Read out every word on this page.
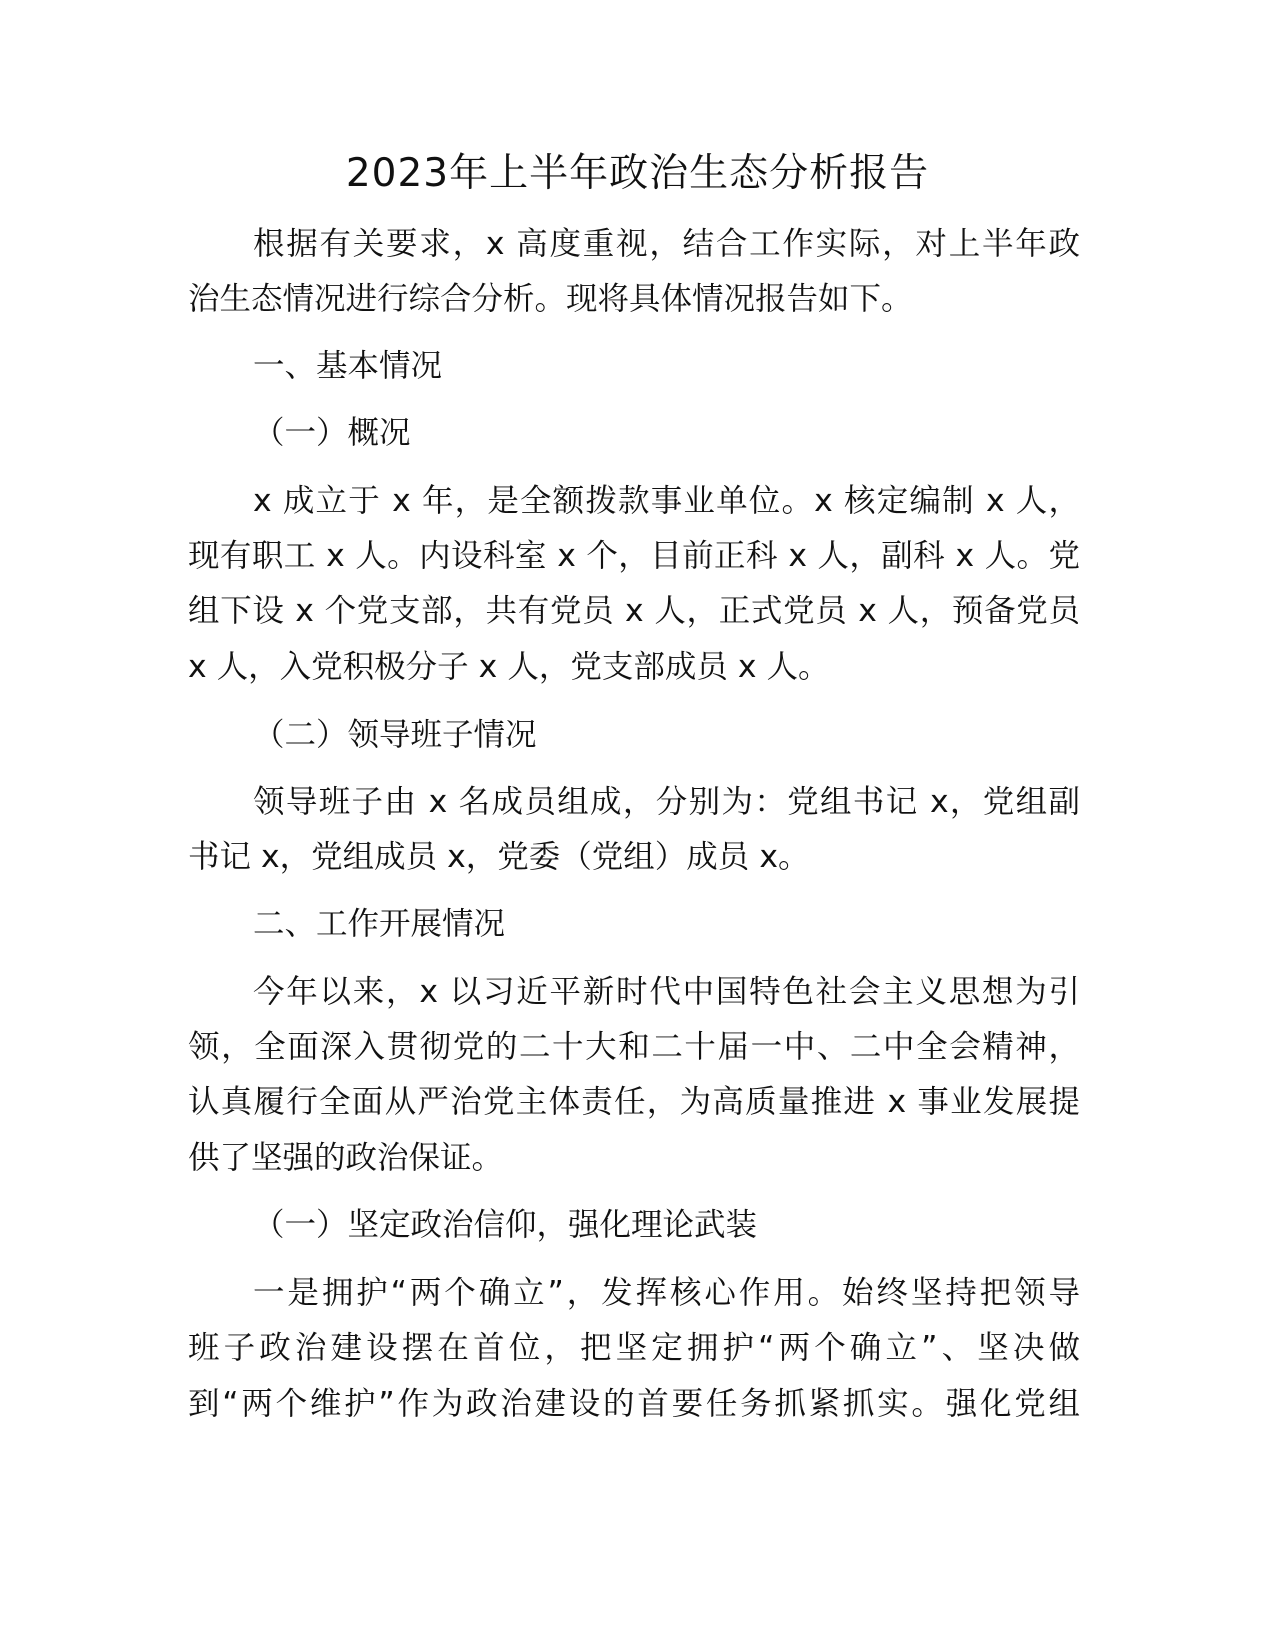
2023年上半年政治生态分析报告

根据有关要求，x 高度重视，结合工作实际，对上半年政

治生态情况进行综合分析。现将具体情况报告如下。

一、基本情况

（一）概况

x 成立于 x 年，是全额拨款事业单位。x 核定编制 x 人，

现有职工 x 人。内设科室 x 个，目前正科 x 人，副科 x 人。党

组下设 x 个党支部，共有党员 x 人，正式党员 x 人，预备党员

x 人，入党积极分子 x 人，党支部成员 x 人。

（二）领导班子情况

领导班子由 x 名成员组成，分别为：党组书记 x，党组副

书记 x，党组成员 x，党委（党组）成员 x。

二、工作开展情况

今年以来，x 以习近平新时代中国特色社会主义思想为引

领，全面深入贯彻党的二十大和二十届一中、二中全会精神，

认真履行全面从严治党主体责任，为高质量推进 x 事业发展提

供了坚强的政治保证。

（一）坚定政治信仰，强化理论武装

一是拥护“两个确立”，发挥核心作用。始终坚持把领导

班子政治建设摆在首位，把坚定拥护“两个确立”、坚决做

到“两个维护”作为政治建设的首要任务抓紧抓实。强化党组
